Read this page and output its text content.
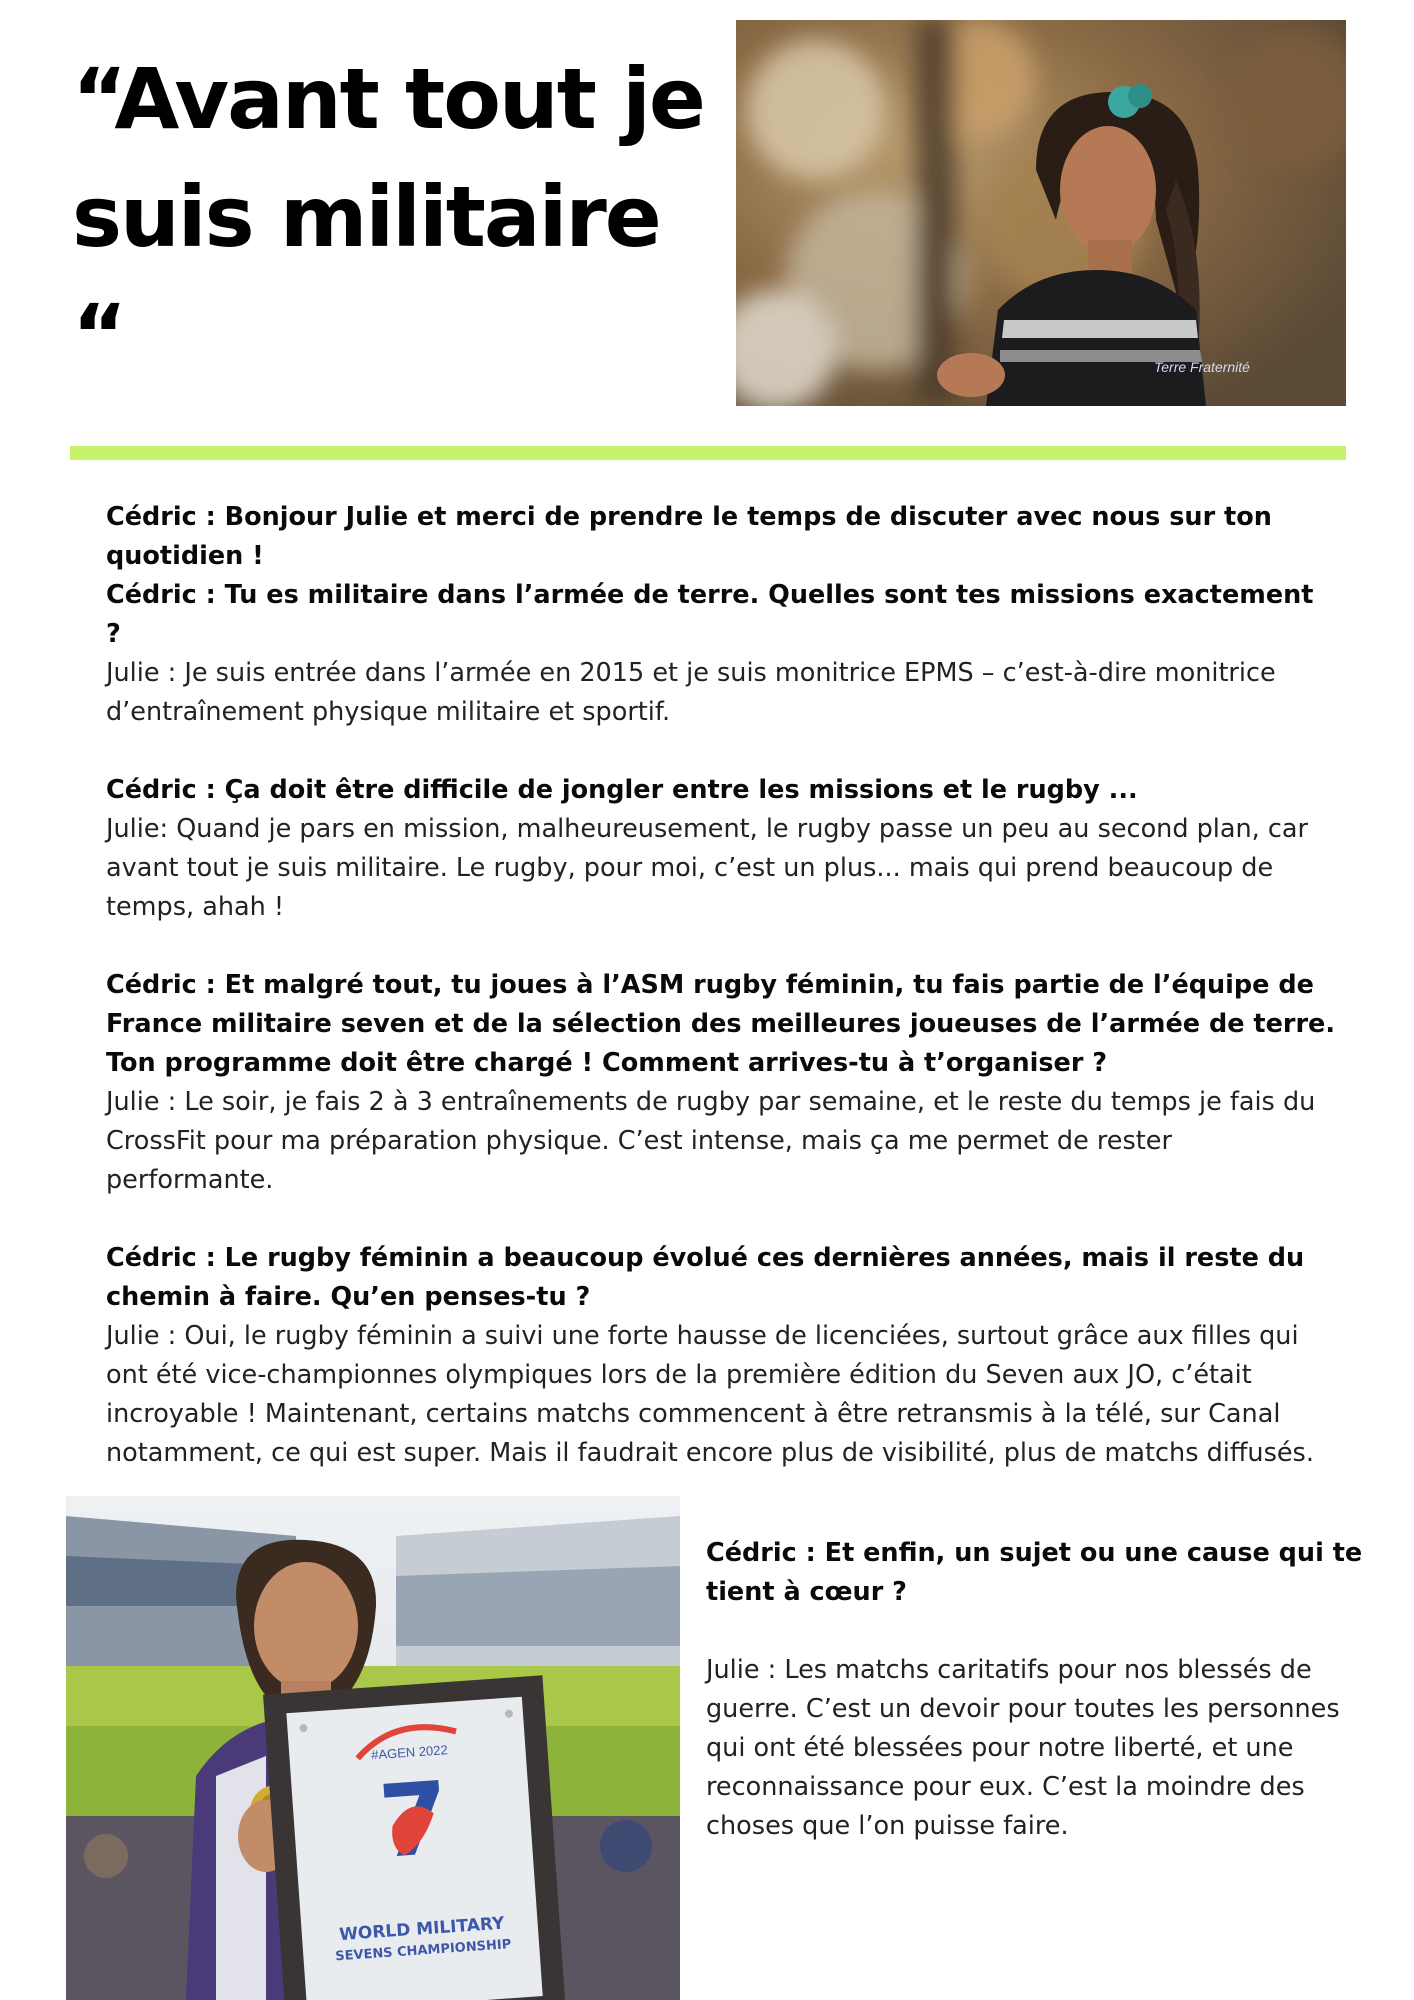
“Avant tout je
suis militaire “	Terre Fraternité

Cédric : Bonjour Julie et merci de prendre le temps de discuter avec nous sur ton quotidien !
Cédric : Tu es militaire dans l’armée de terre. Quelles sont tes missions exactement ?
Julie : Je suis entrée dans l’armée en 2015 et je suis monitrice EPMS – c’est-à-dire monitrice d’entraînement physique militaire et sportif.

Cédric : Ça doit être difficile de jongler entre les missions et le rugby ...
Julie: Quand je pars en mission, malheureusement, le rugby passe un peu au second plan, car avant tout je suis militaire. Le rugby, pour moi, c’est un plus... mais qui prend beaucoup de temps, ahah !

Cédric : Et malgré tout, tu joues à l’ASM rugby féminin, tu fais partie de l’équipe de France militaire seven et de la sélection des meilleures joueuses de l’armée de terre. Ton programme doit être chargé ! Comment arrives-tu à t’organiser ?
Julie : Le soir, je fais 2 à 3 entraînements de rugby par semaine, et le reste du temps je fais du CrossFit pour ma préparation physique. C’est intense, mais ça me permet de rester performante.

Cédric : Le rugby féminin a beaucoup évolué ces dernières années, mais il reste du chemin à faire. Qu’en penses-tu ?
Julie : Oui, le rugby féminin a suivi une forte hausse de licenciées, surtout grâce aux filles qui ont été vice-championnes olympiques lors de la première édition du Seven aux JO, c’était incroyable ! Maintenant, certains matchs commencent à être retransmis à la télé, sur Canal notamment, ce qui est super. Mais il faudrait encore plus de visibilité, plus de matchs diffusés.

#AGEN 2022
WORLD MILITARY
SEVENS CHAMPIONSHIP
Cédric : Et enfin, un sujet ou une cause qui te tient à cœur ?
Julie : Les matchs caritatifs pour nos blessés de guerre. C’est un devoir pour toutes les personnes qui ont été blessées pour notre liberté, et une reconnaissance pour eux. C’est la moindre des choses que l’on puisse faire.
